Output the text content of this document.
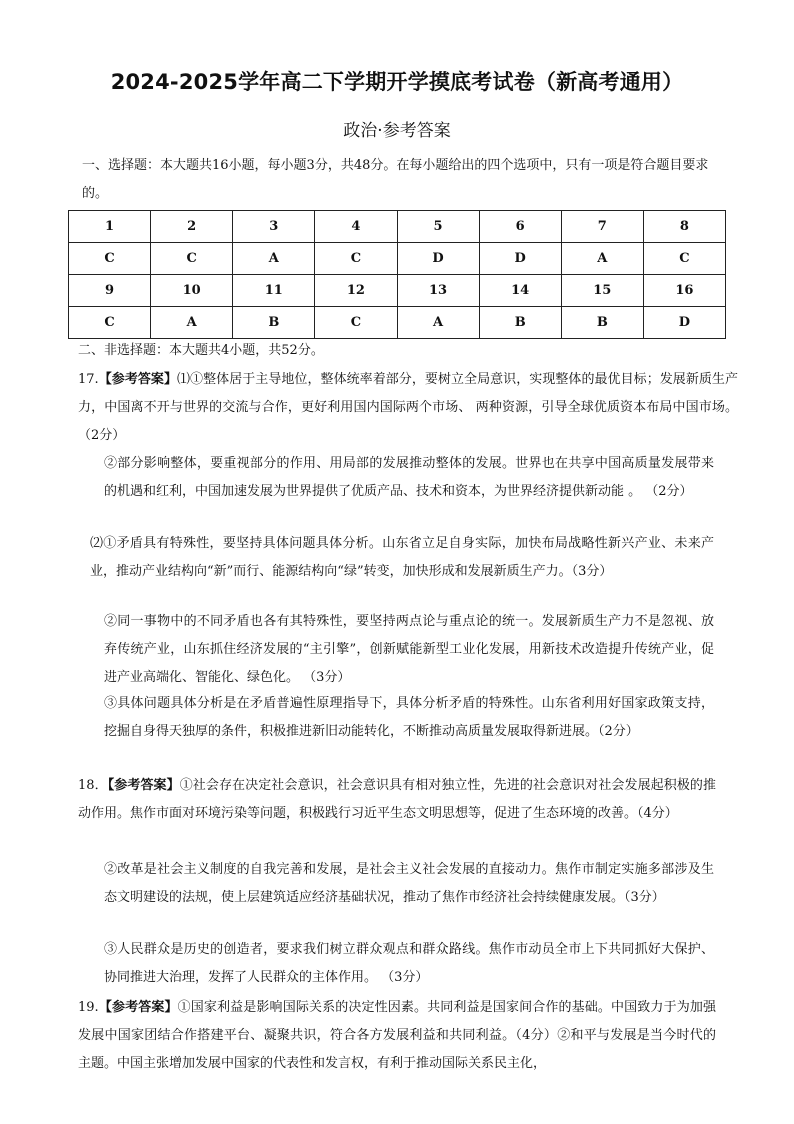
2024-2025学年高二下学期开学摸底考试卷（新高考通用）
政治·参考答案
一、选择题：本大题共16小题，每小题3分，共48分。在每小题给出的四个选项中，只有一项是符合题目要求的。
1	2	3	4	5	6	7	8
C	C	A	C	D	D	A	C
9	10	11	12	13	14	15	16
C	A	B	C	A	B	B	D
二、非选择题：本大题共4小题，共52分。
17.【参考答案】⑴①整体居于主导地位，整体统率着部分，要树立全局意识，实现整体的最优目标；发展新质生产力，中国离不开与世界的交流与合作，更好利用国内国际两个市场、 两种资源，引导全球优质资本布局中国市场。 （2分）
②部分影响整体，要重视部分的作用、用局部的发展推动整体的发展。世界也在共享中国高质量发展带来的机遇和红利，中国加速发展为世界提供了优质产品、技术和资本，为世界经济提供新动能 。 （2分）
⑵①矛盾具有特殊性，要坚持具体问题具体分析。山东省立足自身实际，加快布局战略性新兴产业、未来产业，推动产业结构向“新”而行、能源结构向“绿”转变，加快形成和发展新质生产力。（3分）
②同一事物中的不同矛盾也各有其特殊性，要坚持两点论与重点论的统一。发展新质生产力不是忽视、放弃传统产业，山东抓住经济发展的“主引擎”，创新赋能新型工业化发展，用新技术改造提升传统产业，促进产业高端化、智能化、绿色化。 （3分）
③具体问题具体分析是在矛盾普遍性原理指导下，具体分析矛盾的特殊性。山东省利用好国家政策支持，挖掘自身得天独厚的条件，积极推进新旧动能转化，不断推动高质量发展取得新进展。（2分）
18．【参考答案】①社会存在决定社会意识，社会意识具有相对独立性，先进的社会意识对社会发展起积极的推动作用。焦作市面对环境污染等问题，积极践行习近平生态文明思想等，促进了生态环境的改善。（4分）
②改革是社会主义制度的自我完善和发展，是社会主义社会发展的直接动力。焦作市制定实施多部涉及生态文明建设的法规，使上层建筑适应经济基础状况，推动了焦作市经济社会持续健康发展。（3分）
③人民群众是历史的创造者，要求我们树立群众观点和群众路线。焦作市动员全市上下共同抓好大保护、协同推进大治理，发挥了人民群众的主体作用。 （3分）
19.【参考答案】①国家利益是影响国际关系的决定性因素。共同利益是国家间合作的基础。中国致力于为加强发展中国家团结合作搭建平台、凝聚共识，符合各方发展利益和共同利益。（4分）②和平与发展是当今时代的主题。中国主张增加发展中国家的代表性和发言权，有利于推动国际关系民主化，
